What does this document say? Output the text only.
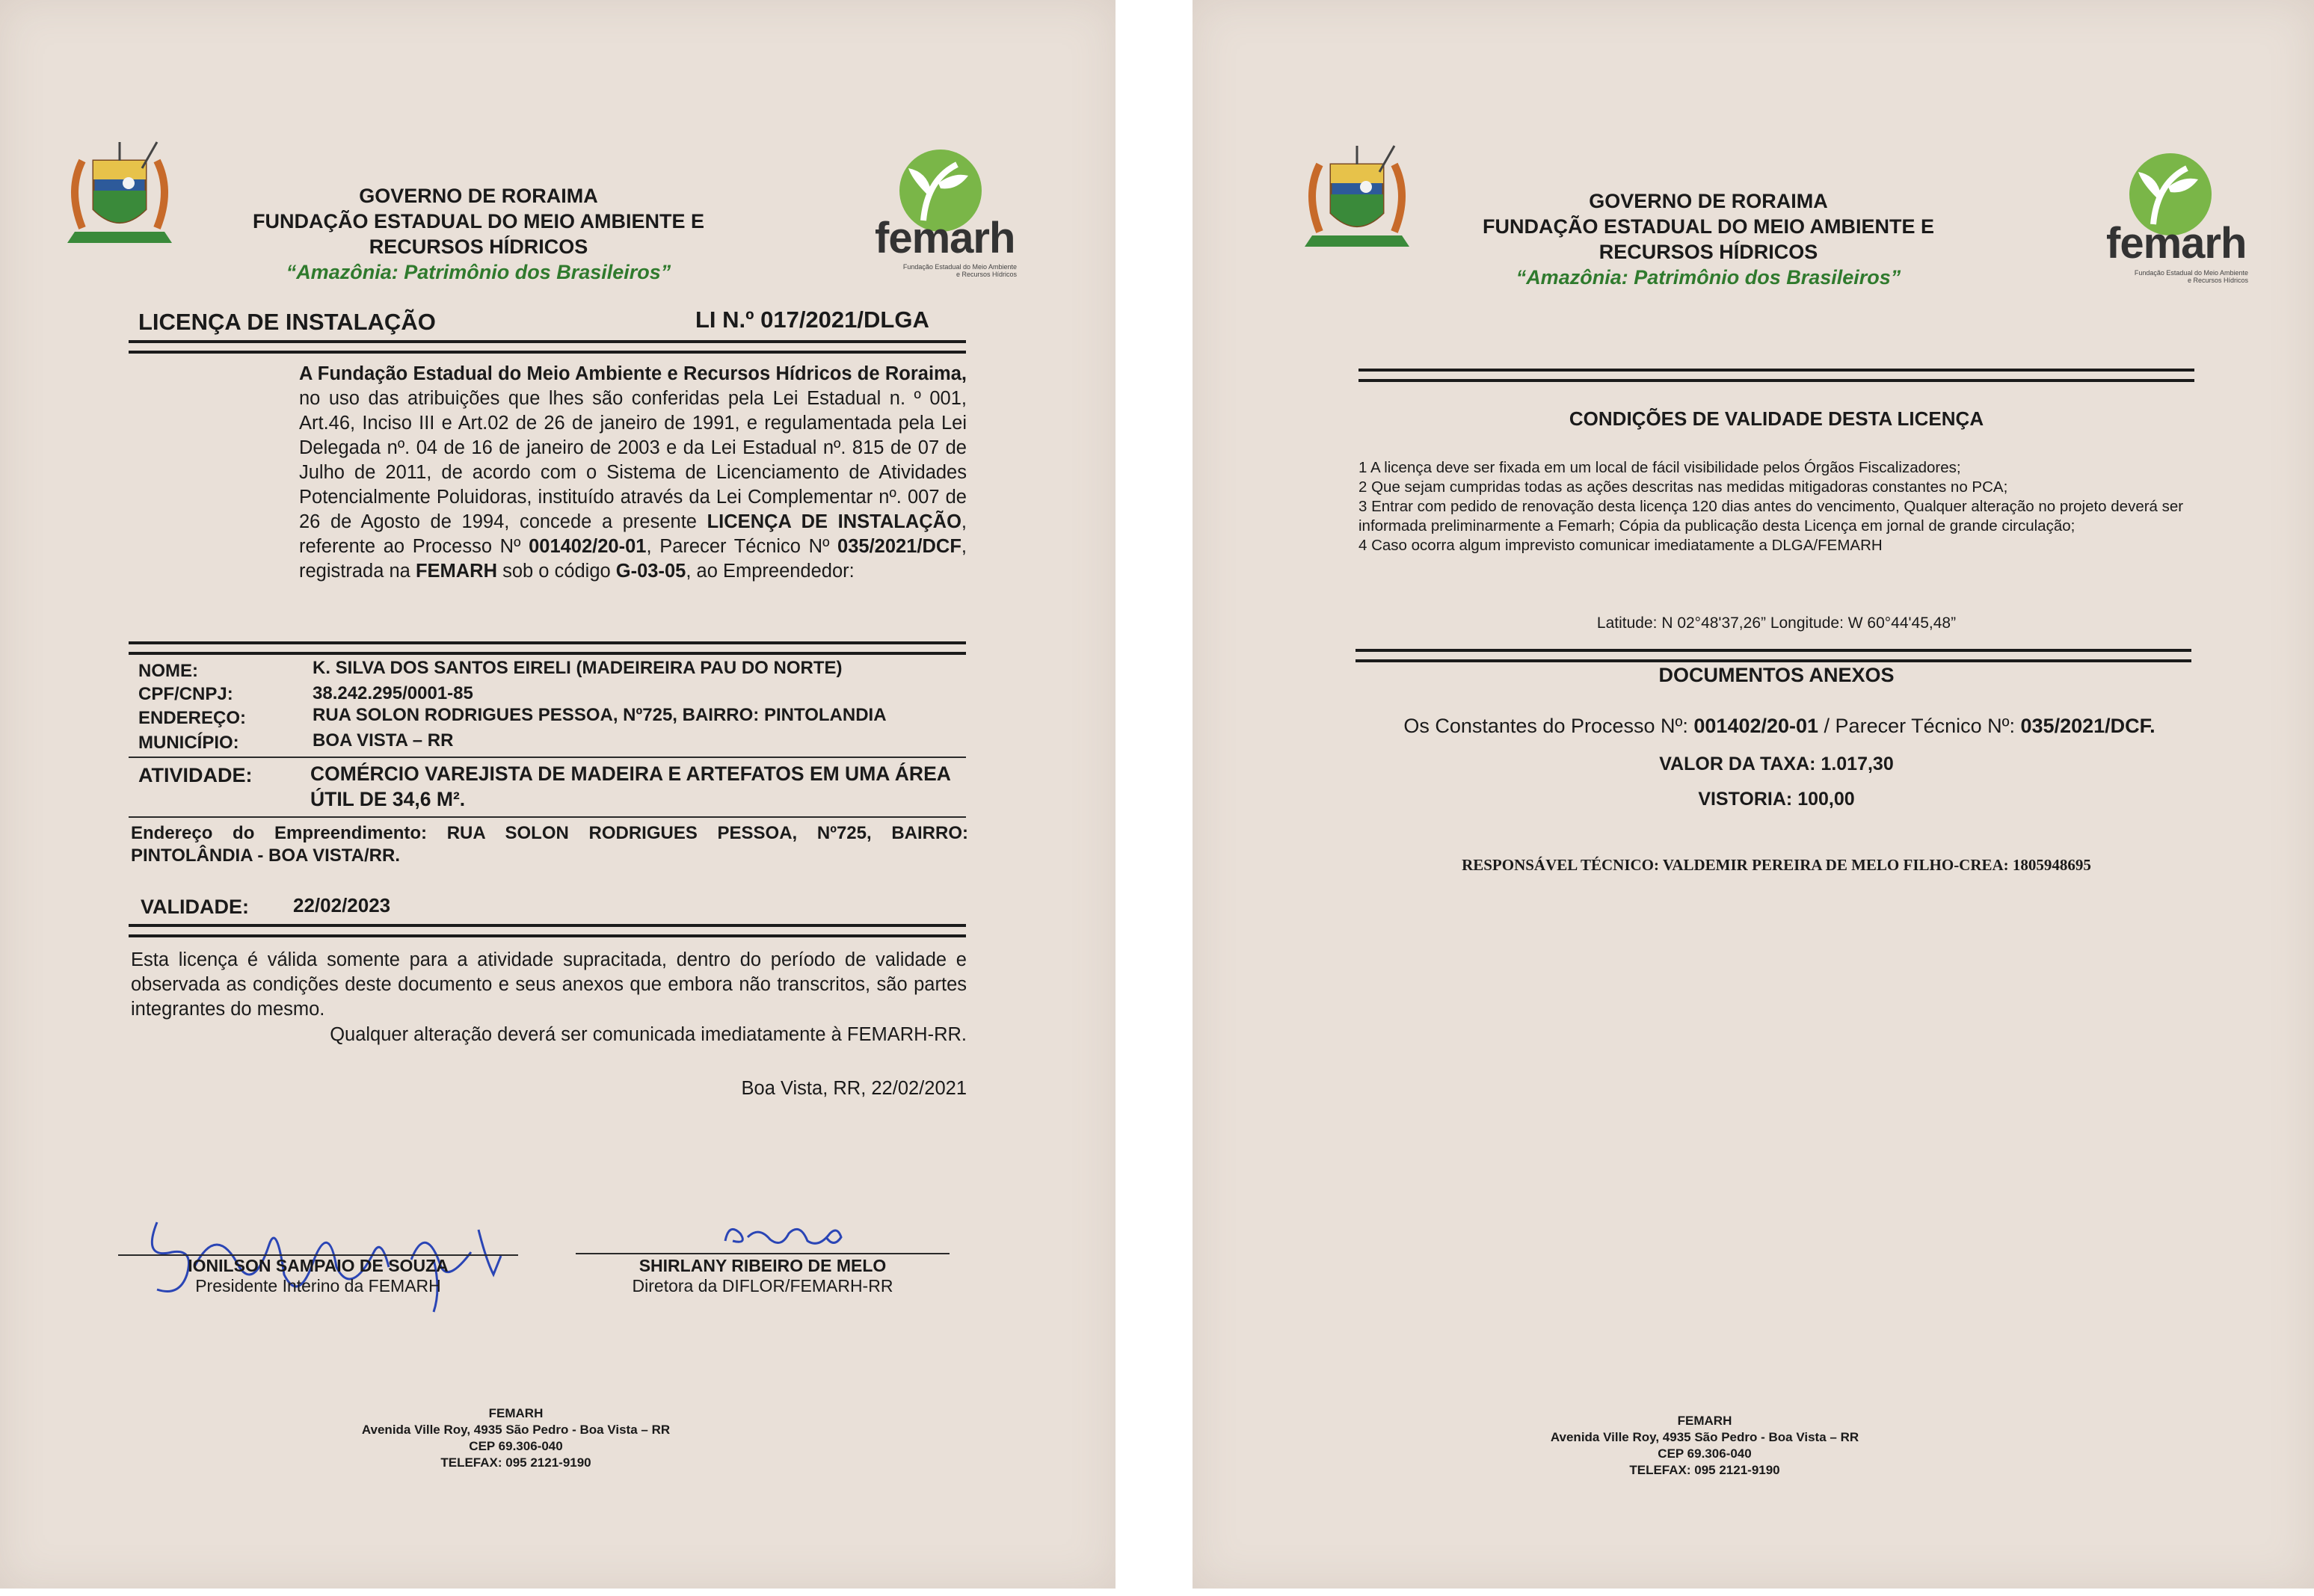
GOVERNO DE RORAIMA
FUNDAÇÃO ESTADUAL DO MEIO AMBIENTE E
RECURSOS HÍDRICOS
“Amazônia: Patrimônio dos Brasileiros”
femarh
Fundação Estadual do Meio Ambiente
e Recursos Hídricos
LICENÇA DE INSTALAÇÃO	LI N.º 017/2021/DLGA
A Fundação Estadual do Meio Ambiente e Recursos Hídricos de Roraima, no uso das atribuições que lhes são conferidas pela Lei Estadual n. º 001, Art.46, Inciso III e Art.02 de 26 de janeiro de 1991, e regulamentada pela Lei Delegada nº. 04 de 16 de janeiro de 2003 e da Lei Estadual nº. 815 de 07 de Julho de 2011, de acordo com o Sistema de Licenciamento de Atividades Potencialmente Poluidoras, instituído através da Lei Complementar nº. 007 de 26 de Agosto de 1994, concede a presente LICENÇA DE INSTALAÇÃO, referente ao Processo Nº 001402/20-01, Parecer Técnico Nº 035/2021/DCF, registrada na FEMARH sob o código G-03-05, ao Empreendedor:
NOME:	K. SILVA DOS SANTOS EIRELI (MADEIREIRA PAU DO NORTE)
CPF/CNPJ:	38.242.295/0001-85
ENDEREÇO:	RUA SOLON RODRIGUES PESSOA, Nº725, BAIRRO: PINTOLANDIA
MUNICÍPIO:	BOA VISTA – RR
ATIVIDADE:	COMÉRCIO VAREJISTA DE MADEIRA E ARTEFATOS EM UMA ÁREA ÚTIL DE 34,6 M².
Endereço do Empreendimento: RUA SOLON RODRIGUES PESSOA, Nº725, BAIRRO: PINTOLÂNDIA - BOA VISTA/RR.
VALIDADE: 22/02/2023
Esta licença é válida somente para a atividade supracitada, dentro do período de validade e observada as condições deste documento e seus anexos que embora não transcritos, são partes integrantes do mesmo.
Qualquer alteração deverá ser comunicada imediatamente à FEMARH-RR.
Boa Vista, RR, 22/02/2021
IONILSON SAMPAIO DE SOUZA
Presidente Interino da FEMARH
SHIRLANY RIBEIRO DE MELO
Diretora da DIFLOR/FEMARH-RR
FEMARH
Avenida Ville Roy, 4935 São Pedro - Boa Vista – RR
CEP 69.306-040
TELEFAX: 095 2121-9190
GOVERNO DE RORAIMA
FUNDAÇÃO ESTADUAL DO MEIO AMBIENTE E
RECURSOS HÍDRICOS
“Amazônia: Patrimônio dos Brasileiros”
femarh
Fundação Estadual do Meio Ambiente
e Recursos Hídricos
CONDIÇÕES DE VALIDADE DESTA LICENÇA
1 A licença deve ser fixada em um local de fácil visibilidade pelos Órgãos Fiscalizadores;
2 Que sejam cumpridas todas as ações descritas nas medidas mitigadoras constantes no PCA;
3 Entrar com pedido de renovação desta licença 120 dias antes do vencimento, Qualquer alteração no projeto deverá ser informada preliminarmente a Femarh; Cópia da publicação desta Licença em jornal de grande circulação;
4 Caso ocorra algum imprevisto comunicar imediatamente a DLGA/FEMARH
Latitude: N 02°48'37,26” Longitude: W 60°44'45,48”
DOCUMENTOS ANEXOS
Os Constantes do Processo Nº: 001402/20-01 / Parecer Técnico Nº: 035/2021/DCF.
VALOR DA TAXA: 1.017,30
VISTORIA: 100,00
RESPONSÁVEL TÉCNICO: VALDEMIR PEREIRA DE MELO FILHO-CREA: 1805948695
FEMARH
Avenida Ville Roy, 4935 São Pedro - Boa Vista – RR
CEP 69.306-040
TELEFAX: 095 2121-9190
